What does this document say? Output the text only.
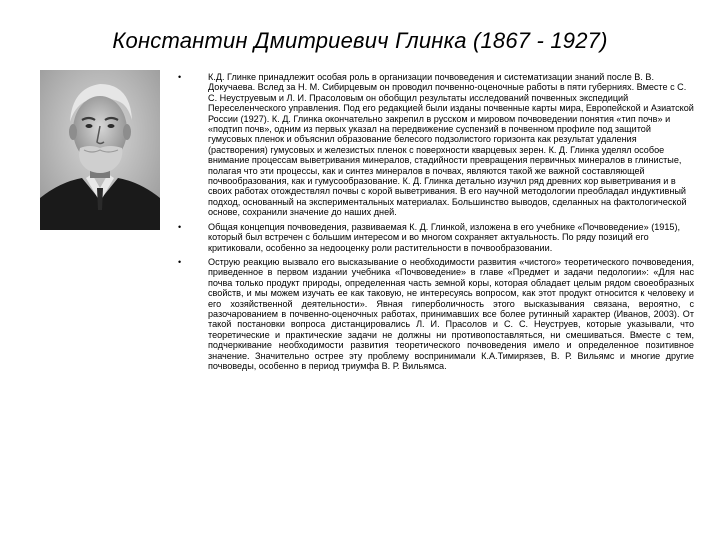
Константин Дмитриевич Глинка (1867 - 1927)
•	К.Д. Глинке принадлежит особая роль в организации почвоведения и систематизации знаний после В. В. Докучаева. Вслед за Н. М. Сибирцевым он проводил почвенно-оценочные работы в пяти губерниях. Вместе с С. С. Неуструевым и Л. И. Прасоловым он обобщил результаты исследований почвенных экспедиций Переселенческого управления. Под его редакцией были изданы почвенные карты мира, Европейской и Азиатской России (1927). К. Д. Глинка окончательно закрепил в русском и мировом почвоведении понятия «тип почв» и «подтип почв», одним из первых указал на передвижение суспензий в почвенном профиле под защитой гумусовых пленок и объяснил образование белесого подзолистого горизонта как результат удаления (растворения) гумусовых и железистых пленок с поверхности кварцевых зерен. К. Д. Глинка уделял особое внимание процессам выветривания минералов, стадийности превращения первичных минералов в глинистые, полагая что эти процессы, как и синтез минералов в почвах, являются такой же важной составляющей почвообразования, как и гумусообразование. К. Д. Глинка детально изучил ряд древних кор выветривания и в своих работах отождествлял почвы с корой выветривания. В его научной методологии преобладал индуктивный подход, основанный на экспериментальных материалах. Большинство выводов, сделанных на фактологической основе, сохранили значение до наших дней.
•	Общая концепция почвоведения, развиваемая К. Д. Глинкой, изложена в его учебнике «Почвоведение» (1915), который был встречен с большим интересом и во многом сохраняет актуальность. По ряду позиций его критиковали, особенно за недооценку роли растительности в почвообразовании.
•	Острую реакцию вызвало его высказывание о необходимости развития «чистого» теоретического почвоведения, приведенное в первом издании учебника «Почвоведение» в главе «Предмет и задачи педологии»: «Для нас почва только продукт природы, определенная часть земной коры, которая обладает целым рядом своеобразных свойств, и мы можем изучать ее как таковую, не интересуясь вопросом, как этот продукт относится к человеку и его хозяйственной деятельности». Явная гиперболичность этого высказывания связана, вероятно, с разочарованием в почвенно-оценочных работах, принимавших все более рутинный характер (Иванов, 2003). От такой постановки вопроса дистанцировались Л. И. Прасолов и С. С. Неуструев, которые указывали, что теоретические и практические задачи не должны ни противопоставляться, ни смешиваться. Вместе с тем, подчеркивание необходимости развития теоретического почвоведения имело и определенное позитивное значение. Значительно острее эту проблему воспринимали К.А.Тимирязев, В. Р. Вильямс и многие другие почвоведы, особенно в период триумфа В. Р. Вильямса.
